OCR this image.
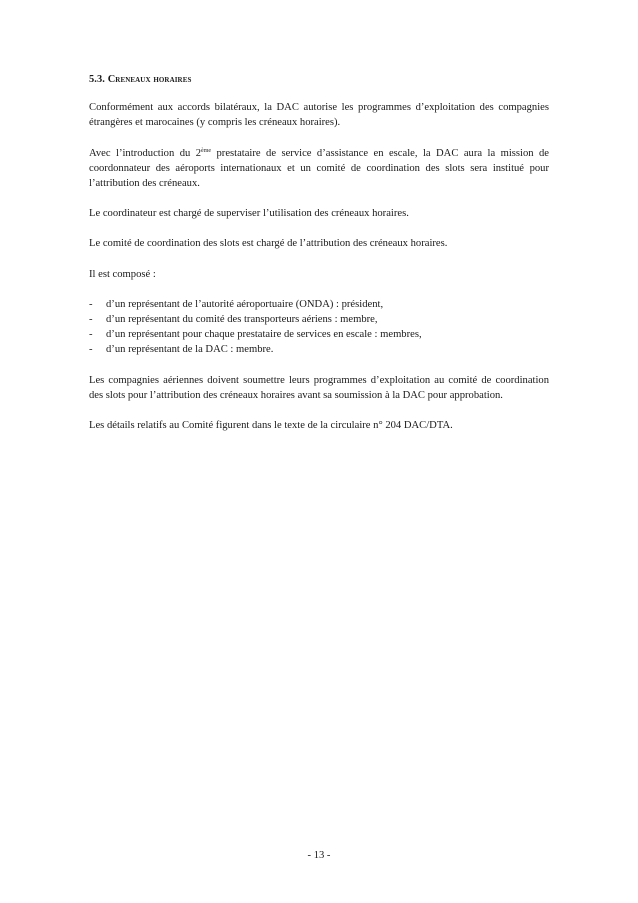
5.3. Creneaux horaires

Conformément aux accords bilatéraux, la DAC autorise les programmes d’exploitation des compagnies étrangères et marocaines (y compris les créneaux horaires).

Avec l’introduction du 2ème prestataire de service d’assistance en escale, la DAC aura la mission de coordonnateur des aéroports internationaux et un comité de coordination des slots sera institué pour l’attribution des créneaux.

Le coordinateur est chargé de superviser l’utilisation des créneaux horaires.

Le comité de coordination des slots est chargé de l’attribution des créneaux horaires.

Il est composé :

- d’un représentant de l’autorité aéroportuaire (ONDA) : président,
- d’un représentant du comité des transporteurs aériens : membre,
- d’un représentant pour chaque prestataire de services en escale : membres,
- d’un représentant de la DAC : membre.

Les compagnies aériennes doivent soumettre leurs programmes d’exploitation au comité de coordination des slots pour l’attribution des créneaux horaires avant sa soumission à la DAC pour approbation.

Les détails relatifs au Comité figurent dans le texte de la circulaire n° 204 DAC/DTA.

- 13 -
